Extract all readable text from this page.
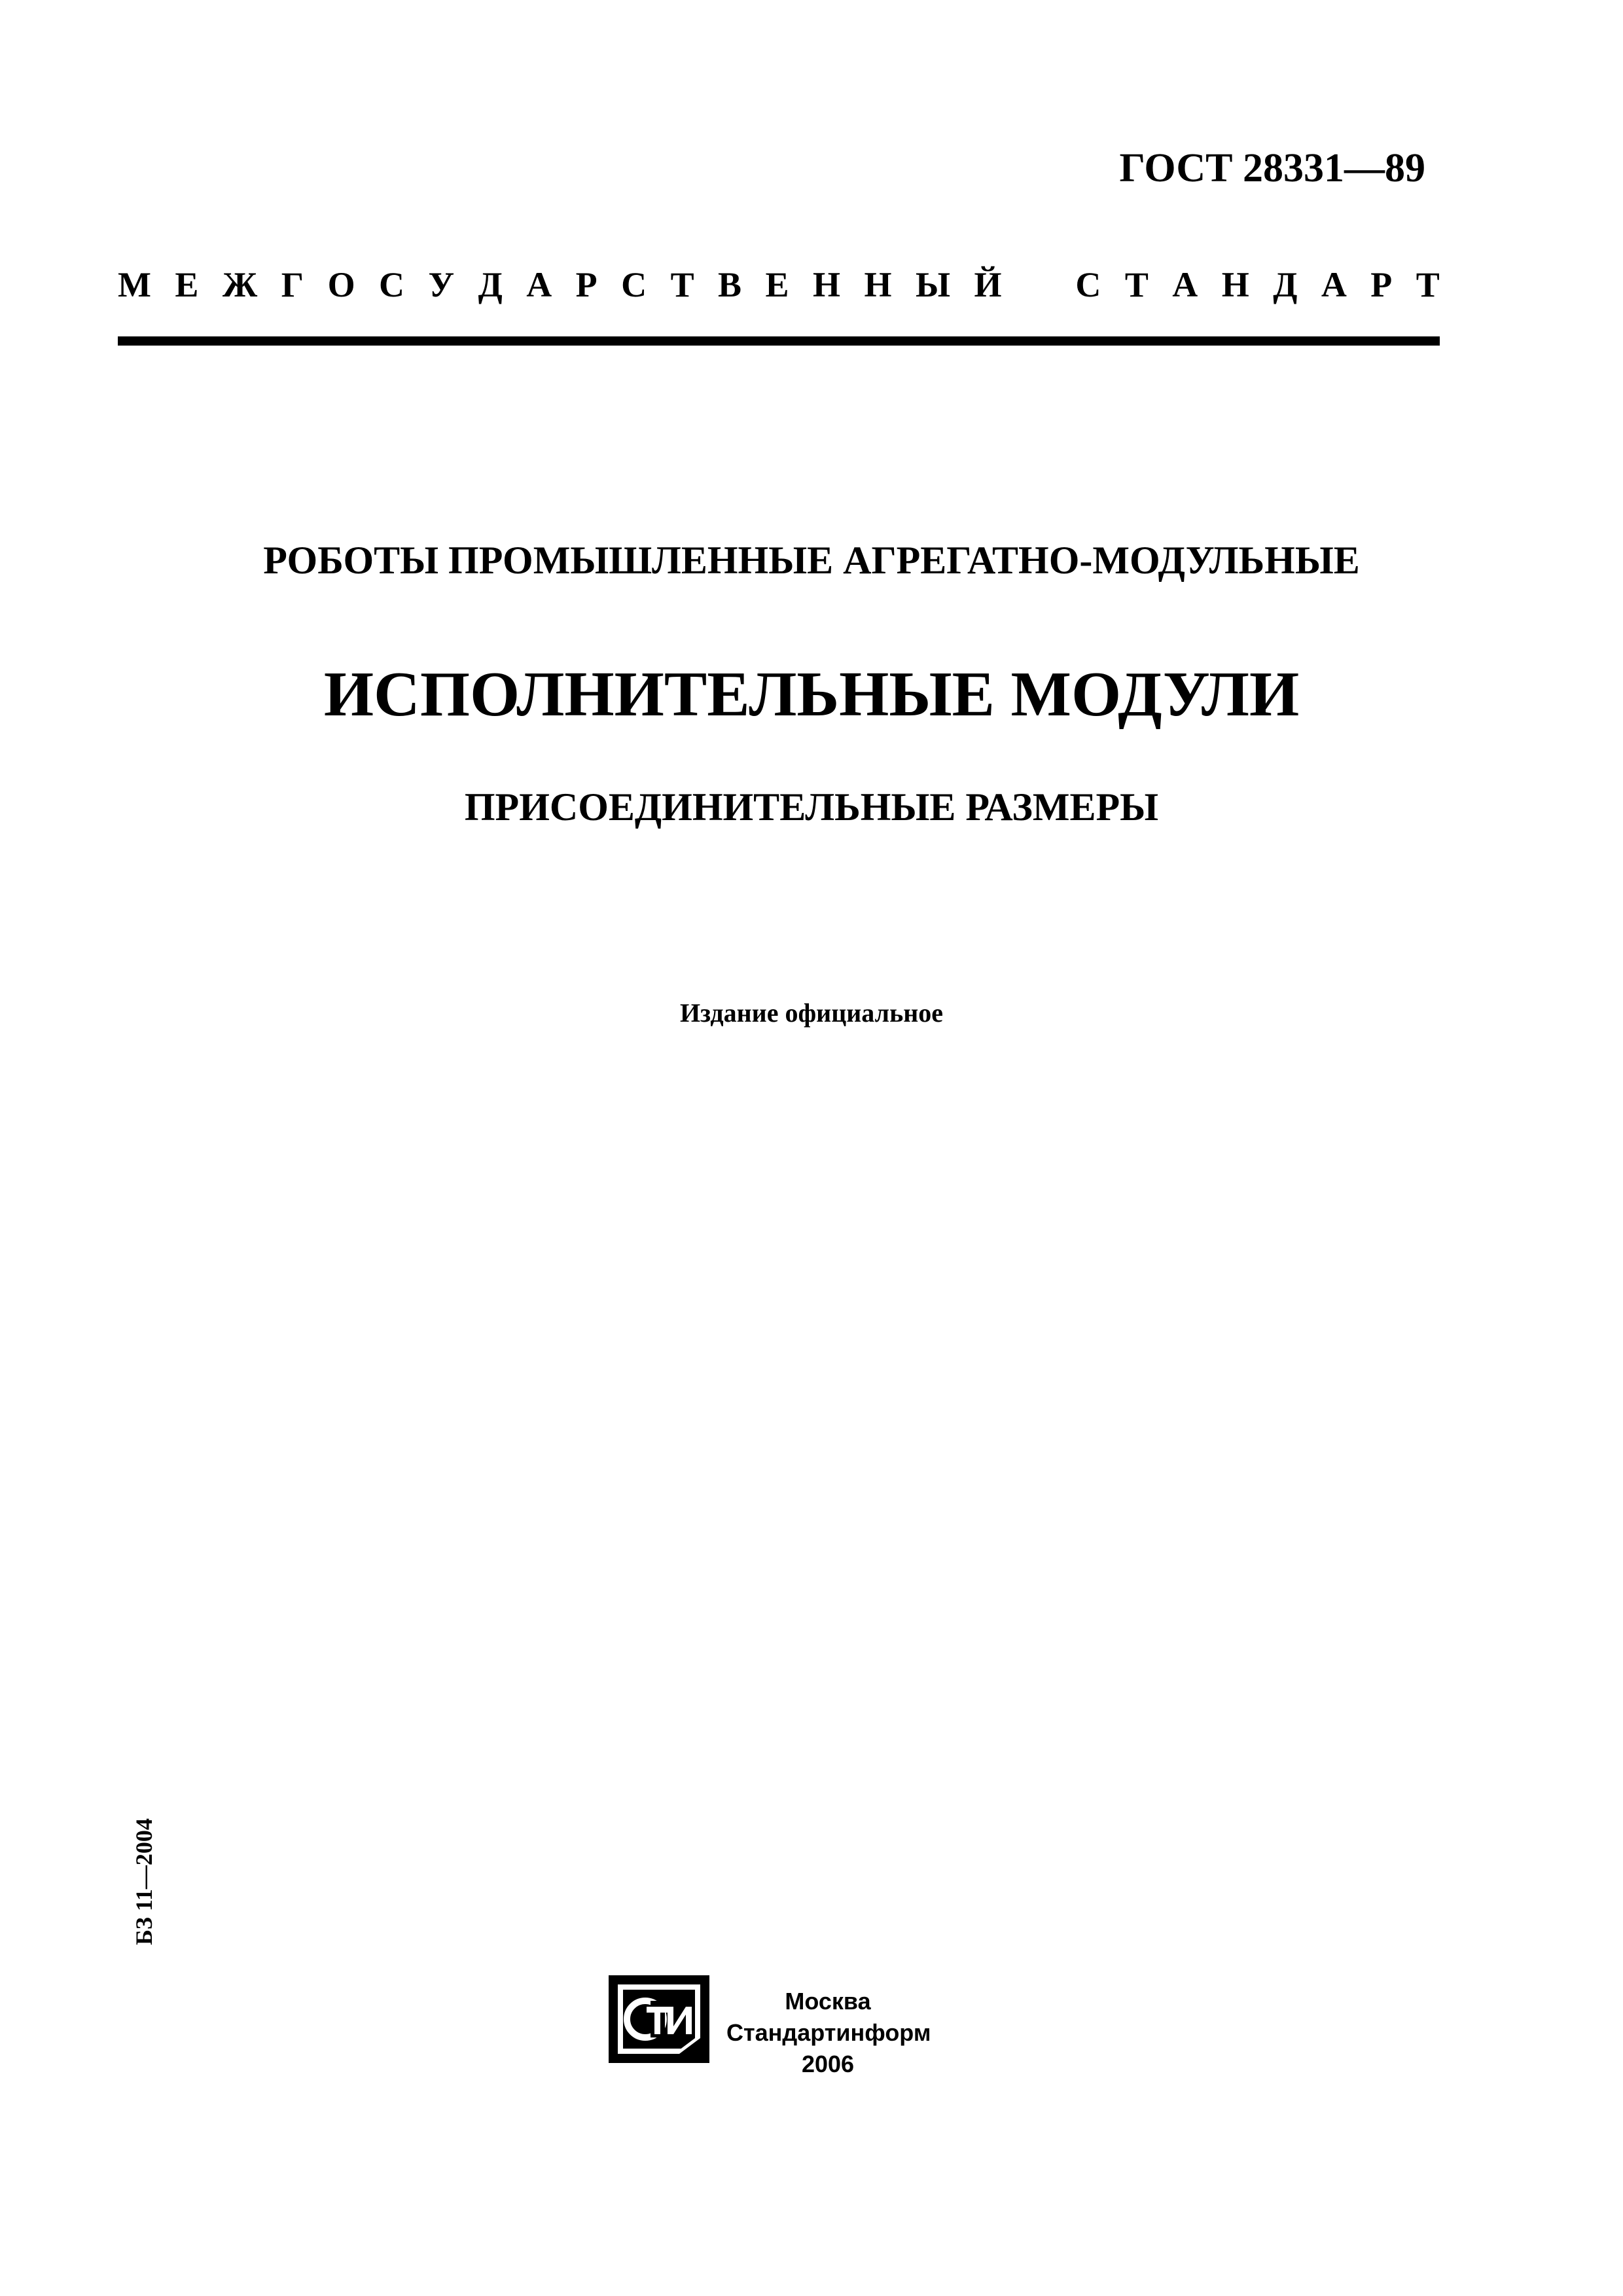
ГОСТ 28331—89
М Е Ж Г О С У Д А Р С Т В Е Н Н Ы Й С Т А Н Д А Р Т
РОБОТЫ ПРОМЫШЛЕННЫЕ АГРЕГАТНО-МОДУЛЬНЫЕ
ИСПОЛНИТЕЛЬНЫЕ МОДУЛИ
ПРИСОЕДИНИТЕЛЬНЫЕ РАЗМЕРЫ
Издание официальное
БЗ 11—2004
Москва
Стандартинформ
2006
